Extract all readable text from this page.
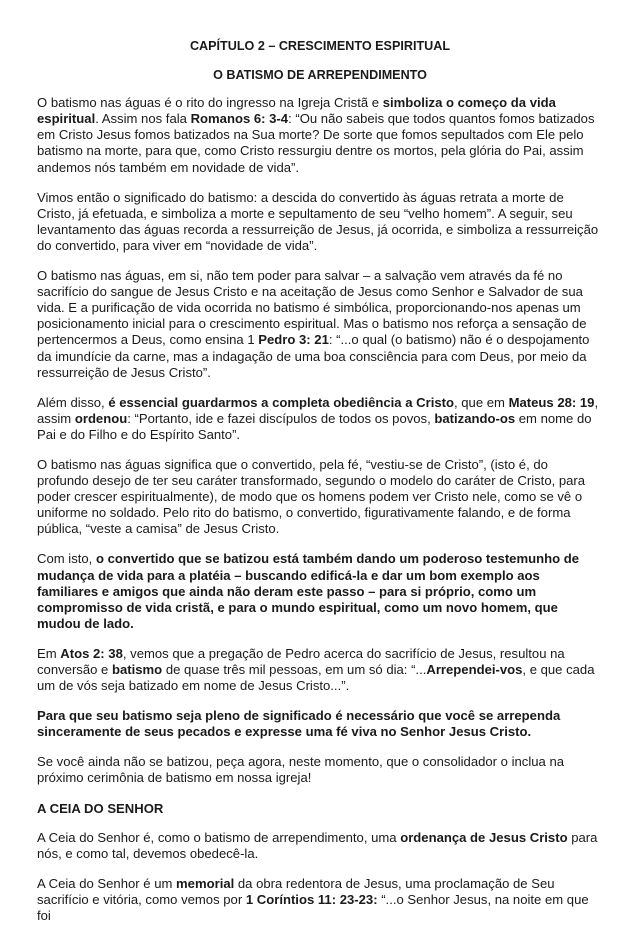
CAPÍTULO 2 – CRESCIMENTO ESPIRITUAL
O BATISMO DE ARREPENDIMENTO

O batismo nas águas é o rito do ingresso na Igreja Cristã e simboliza o começo da vida espiritual. Assim nos fala Romanos 6: 3-4: “Ou não sabeis que todos quantos fomos batizados em Cristo Jesus fomos batizados na Sua morte? De sorte que fomos sepultados com Ele pelo batismo na morte, para que, como Cristo ressurgiu dentre os mortos, pela glória do Pai, assim andemos nós também em novidade de vida”.

Vimos então o significado do batismo: a descida do convertido às águas retrata a morte de Cristo, já efetuada, e simboliza a morte e sepultamento de seu “velho homem”. A seguir, seu levantamento das águas recorda a ressurreição de Jesus, já ocorrida, e simboliza a ressurreição do convertido, para viver em “novidade de vida”.

O batismo nas águas, em si, não tem poder para salvar – a salvação vem através da fé no sacrifício do sangue de Jesus Cristo e na aceitação de Jesus como Senhor e Salvador de sua vida. E a purificação de vida ocorrida no batismo é simbólica, proporcionando-nos apenas um posicionamento inicial para o crescimento espiritual. Mas o batismo nos reforça a sensação de pertencermos a Deus, como ensina 1 Pedro 3: 21: “...o qual (o batismo) não é o despojamento da imundície da carne, mas a indagação de uma boa consciência para com Deus, por meio da ressurreição de Jesus Cristo”.

Além disso, é essencial guardarmos a completa obediência a Cristo, que em Mateus 28: 19, assim ordenou: “Portanto, ide e fazei discípulos de todos os povos, batizando-os em nome do Pai e do Filho e do Espírito Santo”.

O batismo nas águas significa que o convertido, pela fé, “vestiu-se de Cristo”, (isto é, do profundo desejo de ter seu caráter transformado, segundo o modelo do caráter de Cristo, para poder crescer espiritualmente), de modo que os homens podem ver Cristo nele, como se vê o uniforme no soldado. Pelo rito do batismo, o convertido, figurativamente falando, e de forma pública, “veste a camisa” de Jesus Cristo.

Com isto, o convertido que se batizou está também dando um poderoso testemunho de mudança de vida para a platéia – buscando edificá-la e dar um bom exemplo aos familiares e amigos que ainda não deram este passo – para si próprio, como um compromisso de vida cristã, e para o mundo espiritual, como um novo homem, que mudou de lado.

Em Atos 2: 38, vemos que a pregação de Pedro acerca do sacrifício de Jesus, resultou na conversão e batismo de quase três mil pessoas, em um só dia: “...Arrependei-vos, e que cada um de vós seja batizado em nome de Jesus Cristo...”.

Para que seu batismo seja pleno de significado é necessário que você se arrependa sinceramente de seus pecados e expresse uma fé viva no Senhor Jesus Cristo.

Se você ainda não se batizou, peça agora, neste momento, que o consolidador o inclua na próximo cerimônia de batismo em nossa igreja!

A CEIA DO SENHOR

A Ceia do Senhor é, como o batismo de arrependimento, uma ordenança de Jesus Cristo para nós, e como tal, devemos obedecê-la.

A Ceia do Senhor é um memorial da obra redentora de Jesus, uma proclamação de Seu sacrifício e vitória, como vemos por 1 Coríntios 11: 23-23: “...o Senhor Jesus, na noite em que foi
